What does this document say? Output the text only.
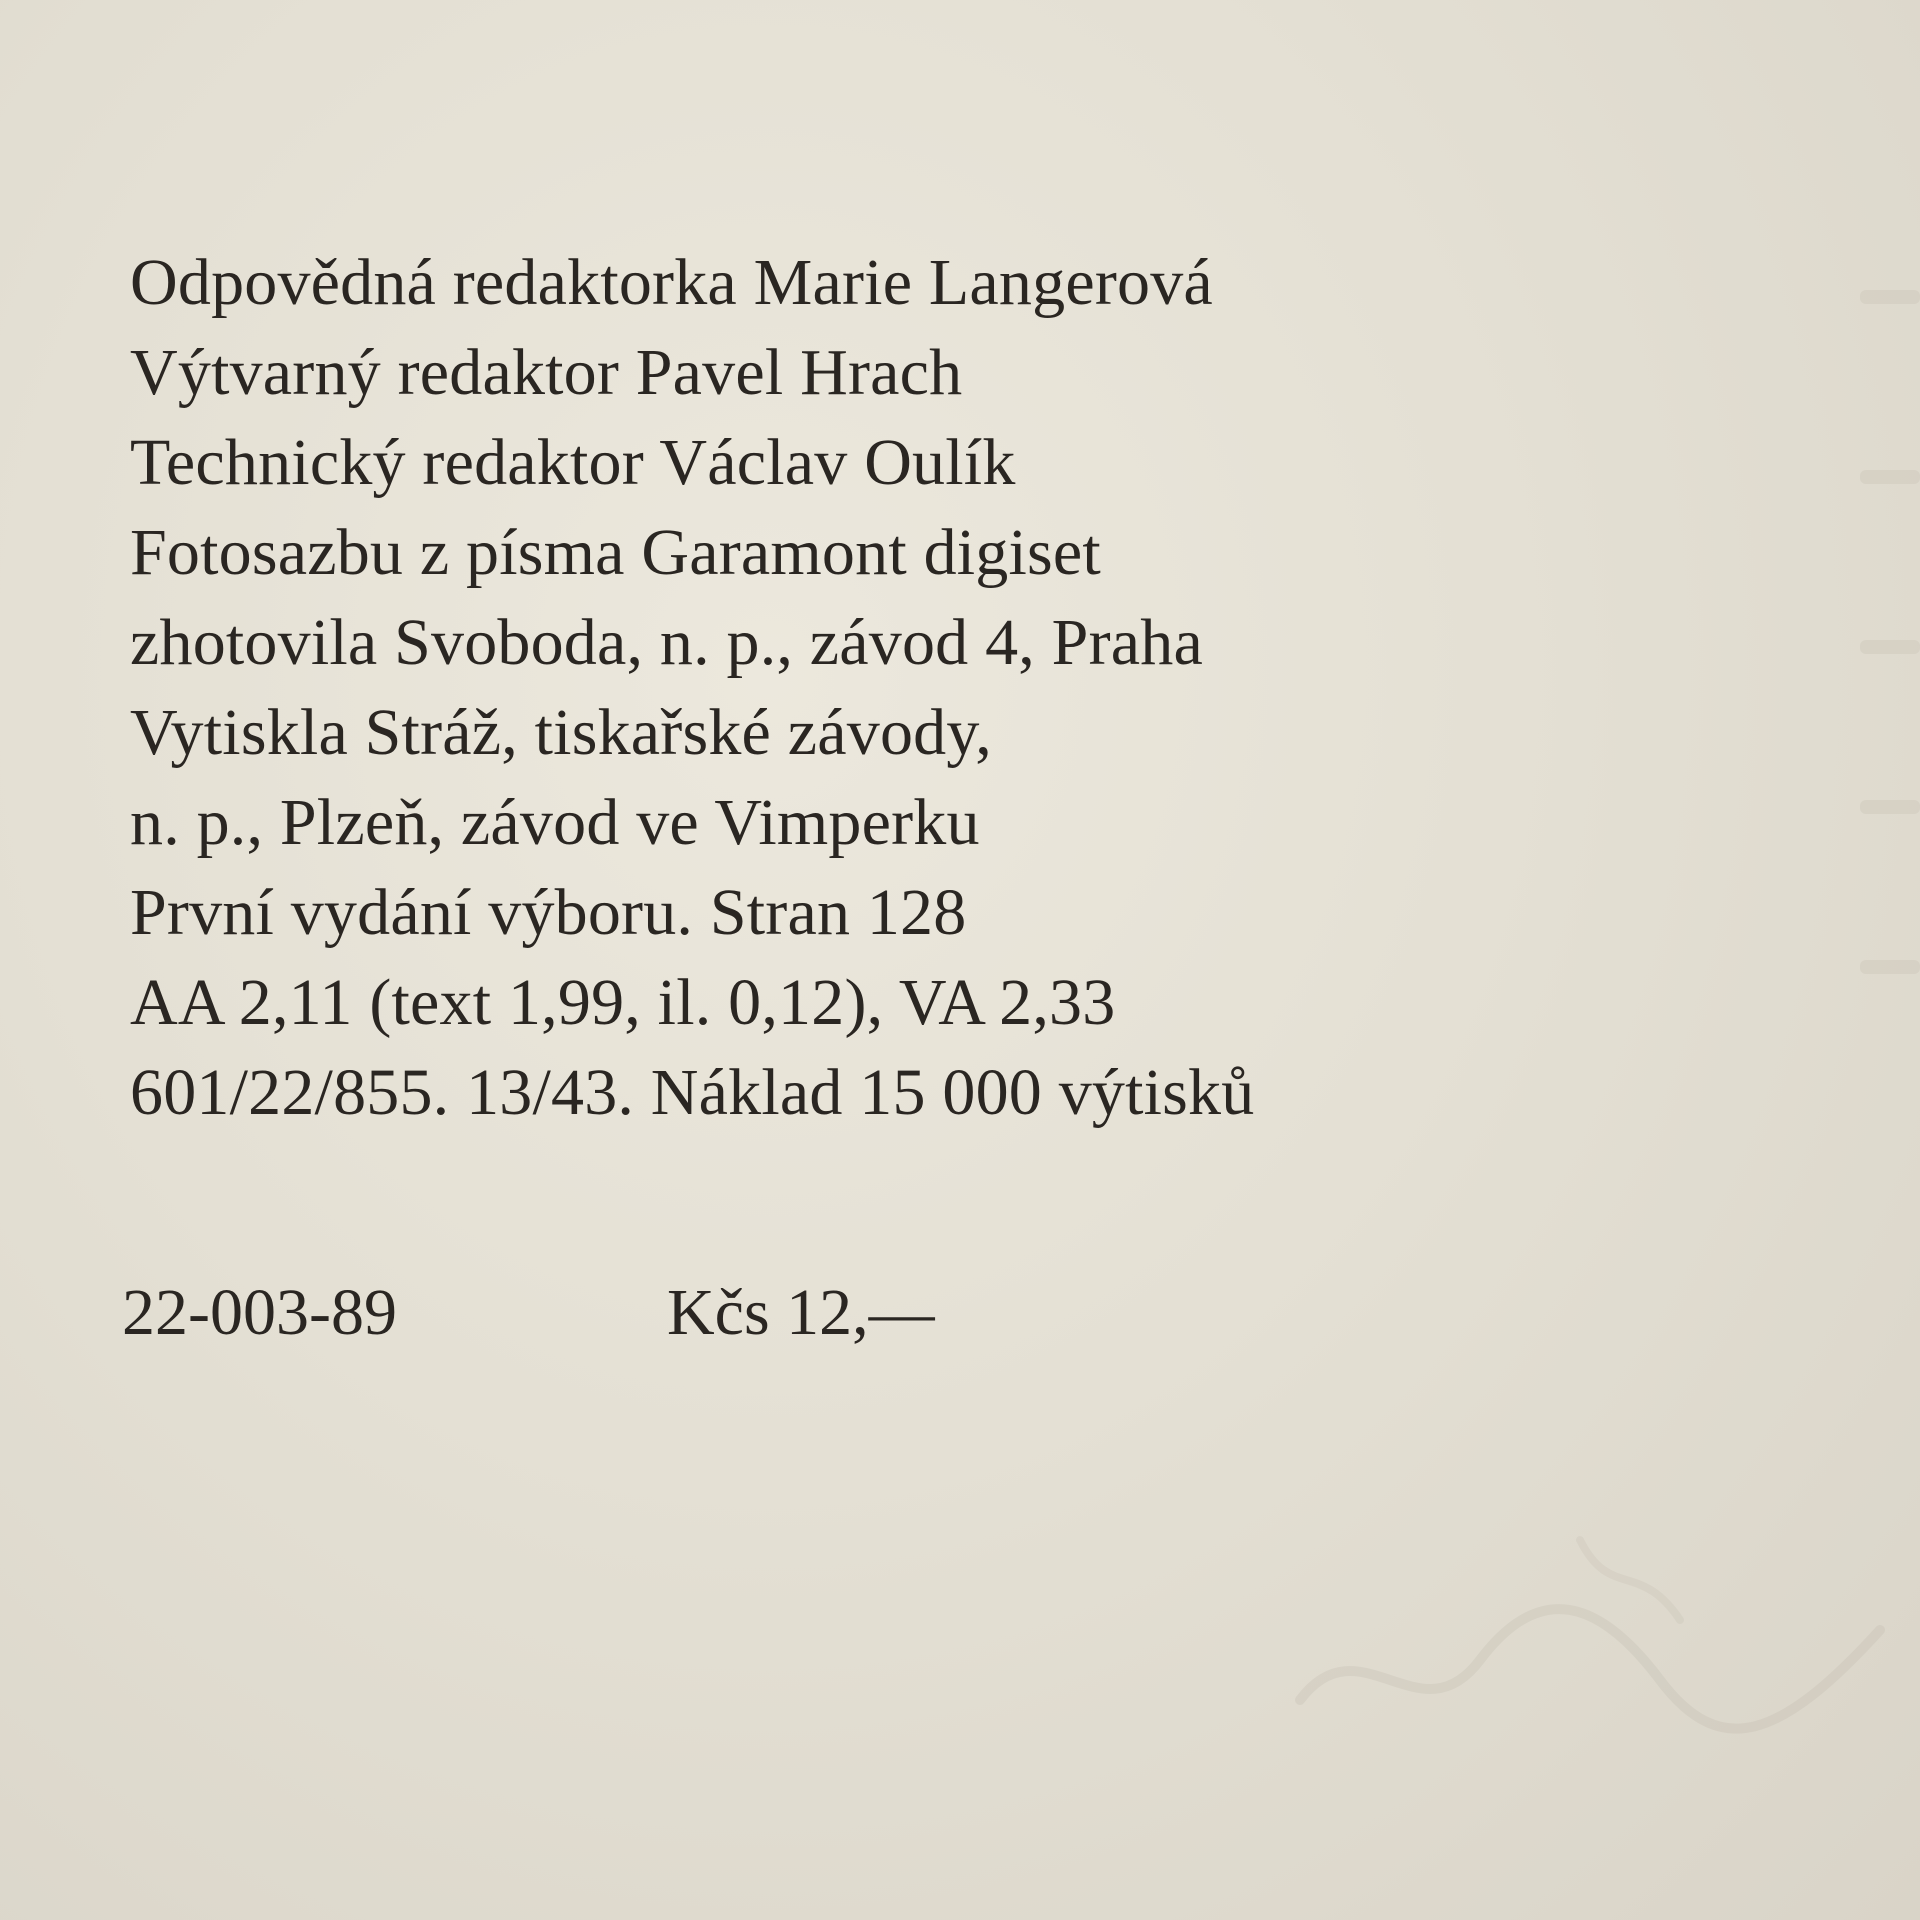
Odpovědná redaktorka Marie Langerová
Výtvarný redaktor Pavel Hrach
Technický redaktor Václav Oulík
Fotosazbu z písma Garamont digiset
zhotovila Svoboda, n. p., závod 4, Praha
Vytiskla Stráž, tiskařské závody,
n. p., Plzeň, závod ve Vimperku
První vydání výboru. Stran 128
AA 2,11 (text 1,99, il. 0,12), VA 2,33
601/22/855. 13/43. Náklad 15 000 výtisků
22-003-89	Kčs 12,—
